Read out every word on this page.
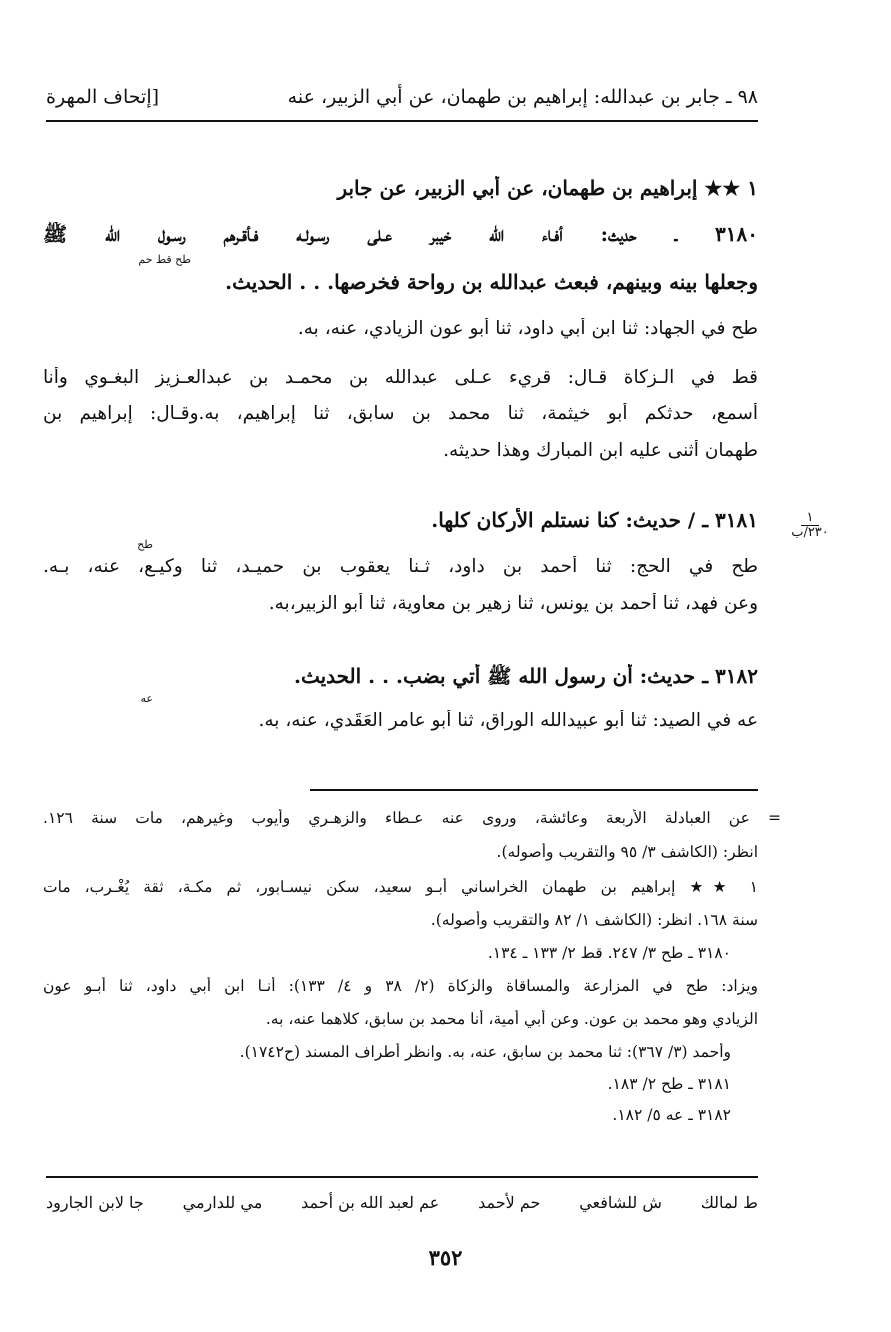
٩٨ ـ جابر بن عبدالله: إبراهيم بن طهمان، عن أبي الزبير، عنه
[إتحاف المهرة
١ ★★ إبراهيم بن طهمان، عن أبي الزبير، عن جابر
٣١٨٠ ـ حديث: أفـاء الله خيبر عـلى رسـولـه فـأقـرهم رسـول الله ﷺ
طح قط حم
وجعلها بينه وبينهم، فبعث عبدالله بن رواحة فخرصها. . . الحديث.
طح في الجهاد: ثنا ابن أبي داود، ثنا أبو عون الزيادي، عنه، به.
قط في الـزكاة قـال: قريء عـلى عبدالله بن محمـد بن عبدالعـزيز البغـوي وأنا
أسمع، حدثكم أبو خيثمة، ثنا محمد بن سابق، ثنا إبراهيم، به.وقـال: إبراهيم بن
طهمان أثنى عليه ابن المبارك وهذا حديثه.
١
٢٣٠/ب
٣١٨١ ـ / حديث: كنا نستلم الأركان كلها.
طح
طح في الحج: ثنا أحمد بن داود، ثـنا يعقوب بن حميـد، ثنا وكيـع، عنه، بـه.
وعن فهد، ثنا أحمد بن يونس، ثنا زهير بن معاوية، ثنا أبو الزبير،به.
٣١٨٢ ـ حديث: أن رسول الله ﷺ أُتي بضب. . . الحديث.
عه
عه في الصيد: ثنا أبو عبيدالله الوراق، ثنا أبو عامر العَقَدي، عنه، به.
= عن العبادلة الأربعة وعائشة، وروى عنه عـطاء والزهـري وأيوب وغيرهم، مات سنة ١٢٦.
انظر: (الكاشف ٣/ ٩٥ والتقريب وأصوله).
١ ★★ إبراهيم بن طهمان الخراساني أبـو سعيد، سكن نيسـابور، ثم مكـة، ثقة يُغْـرِب، مات
سنة ١٦٨. انظر: (الكاشف ١/ ٨٢ والتقريب وأصوله).
٣١٨٠ ـ طح ٣/ ٢٤٧. قط ٢/ ١٣٣ ـ ١٣٤.
ويزاد: طح في المزارعة والمساقاة والزكاة (٢/ ٣٨ و ٤/ ١٣٣): أنـا ابن أبي داود، ثنا أبـو عون
الزيادي وهو محمد بن عون. وعن أبي أمية، أنا محمد بن سابق، كلاهما عنه، به.
وأحمد (٣/ ٣٦٧): ثنا محمد بن سابق، عنه، به. وانظر أطراف المسند (ح١٧٤٢).
٣١٨١ ـ طح ٢/ ١٨٣.
٣١٨٢ ـ عه ٥/ ١٨٢.
ط لمالك
ش للشافعي
حم لأحمد
عم لعبد الله بن أحمد
مي للدارمي
جا لابن الجارود
٣٥٢
